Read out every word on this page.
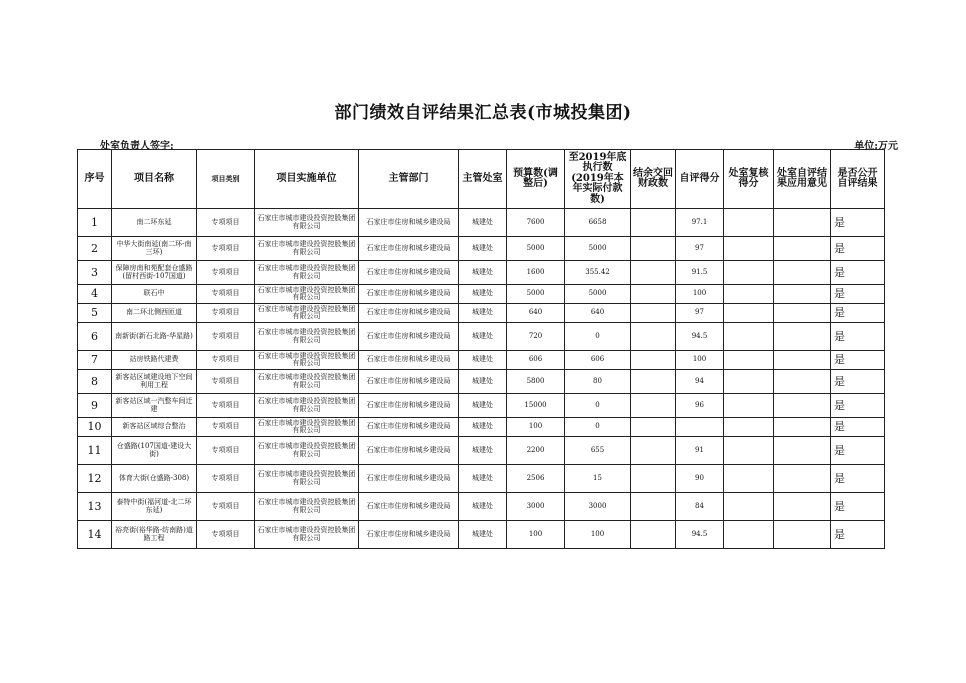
部门绩效自评结果汇总表(市城投集团)
处室负责人签字:	单位:万元
序号	项目名称	项目类别	项目实施单位	主管部门	主管处室	预算数(调整后)	至2019年底执行数(2019年本年实际付款数)	结余交回财政数	自评得分	处室复核得分	处室自评结果应用意见	是否公开自评结果
1	南二环东延	专项项目	石家庄市城市建设投资控股集团有限公司	石家庄市住房和城乡建设局	城建处	7600	6658		97.1			是
2	中华大街南延(南二环-南三环)	专项项目	石家庄市城市建设投资控股集团有限公司	石家庄市住房和城乡建设局	城建处	5000	5000		97			是
3	保障房南和苑配套仓盛路(留村西街-107国道)	专项项目	石家庄市城市建设投资控股集团有限公司	石家庄市住房和城乡建设局	城建处	1600	355.42		91.5			是
4	联石中	专项项目	石家庄市城市建设投资控股集团有限公司	石家庄市住房和城乡建设局	城建处	5000	5000		100			是
5	南二环北侧西匝道	专项项目	石家庄市城市建设投资控股集团有限公司	石家庄市住房和城乡建设局	城建处	640	640		97			是
6	南新街(新石北路-华星路)	专项项目	石家庄市城市建设投资控股集团有限公司	石家庄市住房和城乡建设局	城建处	720	0		94.5			是
7	站房铁路代建费	专项项目	石家庄市城市建设投资控股集团有限公司	石家庄市住房和城乡建设局	城建处	606	606		100			是
8	新客站区域建设地下空间利用工程	专项项目	石家庄市城市建设投资控股集团有限公司	石家庄市住房和城乡建设局	城建处	5800	80		94			是
9	新客站区域一汽整车间迁建	专项项目	石家庄市城市建设投资控股集团有限公司	石家庄市住房和城乡建设局	城建处	15000	0		96			是
10	新客站区域综合整治	专项项目	石家庄市城市建设投资控股集团有限公司	石家庄市住房和城乡建设局	城建处	100	0					是
11	仓盛路(107国道-建设大街)	专项项目	石家庄市城市建设投资控股集团有限公司	石家庄市住房和城乡建设局	城建处	2200	655		91			是
12	体育大街(仓盛路-308)	专项项目	石家庄市城市建设投资控股集团有限公司	石家庄市住房和城乡建设局	城建处	2506	15		90			是
13	泰特中街(福河道-北二环东延)	专项项目	石家庄市城市建设投资控股集团有限公司	石家庄市住房和城乡建设局	城建处	3000	3000		84			是
14	裕亮街(裕华路-纺南路)道路工程	专项项目	石家庄市城市建设投资控股集团有限公司	石家庄市住房和城乡建设局	城建处	100	100		94.5			是
